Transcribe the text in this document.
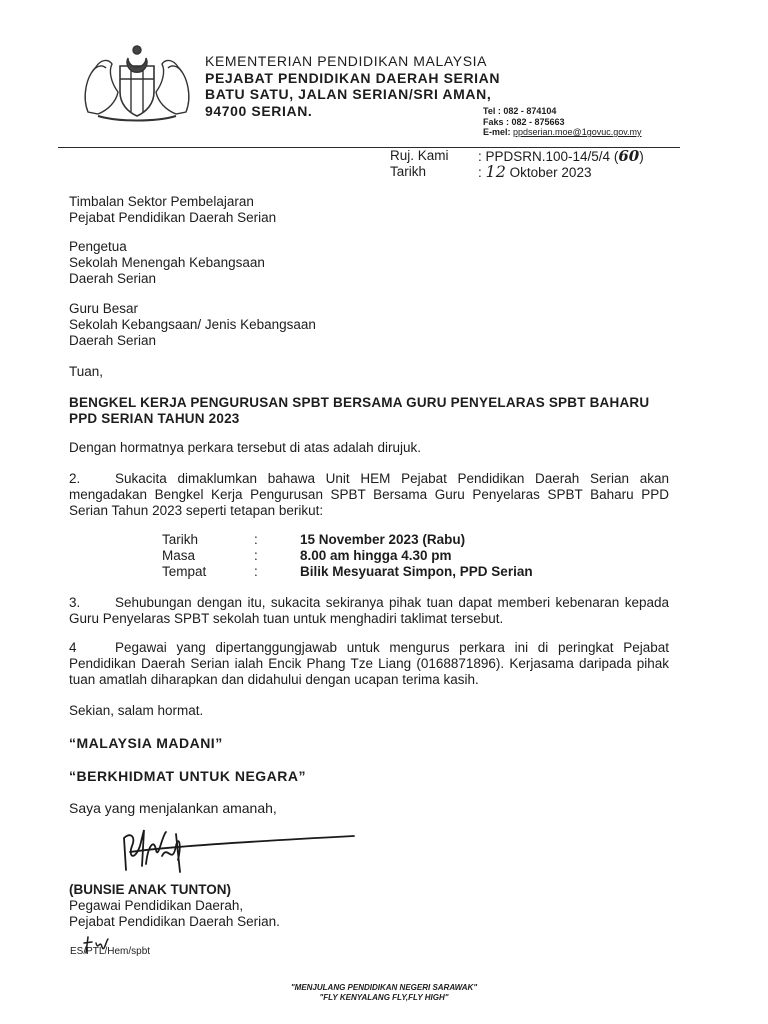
KEMENTERIAN PENDIDIKAN MALAYSIA
PEJABAT PENDIDIKAN DAERAH SERIAN
BATU SATU, JALAN SERIAN/SRI AMAN,
94700 SERIAN.	Tel : 082 - 874104
Faks : 082 - 875663
E-mel: ppdserian.moe@1govuc.gov.my
Ruj. Kami : PPDSRN.100-14/5/4 (60)
Tarikh	: 12 Oktober 2023
Timbalan Sektor Pembelajaran
Pejabat Pendidikan Daerah Serian
Pengetua
Sekolah Menengah Kebangsaan
Daerah Serian
Guru Besar
Sekolah Kebangsaan/ Jenis Kebangsaan
Daerah Serian
Tuan,
BENGKEL KERJA PENGURUSAN SPBT BERSAMA GURU PENYELARAS SPBT BAHARU
PPD SERIAN TAHUN 2023
Dengan hormatnya perkara tersebut di atas adalah dirujuk.
2.	Sukacita dimaklumkan bahawa Unit HEM Pejabat Pendidikan Daerah Serian akan mengadakan Bengkel Kerja Pengurusan SPBT Bersama Guru Penyelaras SPBT Baharu PPD Serian Tahun 2023 seperti tetapan berikut:
Tarikh	:	15 November 2023 (Rabu)
Masa	:	8.00 am hingga 4.30 pm
Tempat	:	Bilik Mesyuarat Simpon, PPD Serian
3.	Sehubungan dengan itu, sukacita sekiranya pihak tuan dapat memberi kebenaran kepada Guru Penyelaras SPBT sekolah tuan untuk menghadiri taklimat tersebut.
4	Pegawai yang dipertanggungjawab untuk mengurus perkara ini di peringkat Pejabat Pendidikan Daerah Serian ialah Encik Phang Tze Liang (0168871896). Kerjasama daripada pihak tuan amatlah diharapkan dan didahului dengan ucapan terima kasih.
Sekian, salam hormat.
“MALAYSIA MADANI”
“BERKHIDMAT UNTUK NEGARA”
Saya yang menjalankan amanah,
(BUNSIE ANAK TUNTON)
Pegawai Pendidikan Daerah,
Pejabat Pendidikan Daerah Serian.
ES/PTL/Hem/spbt
"MENJULANG PENDIDIKAN NEGERI SARAWAK"
"FLY KENYALANG FLY,FLY HIGH"
